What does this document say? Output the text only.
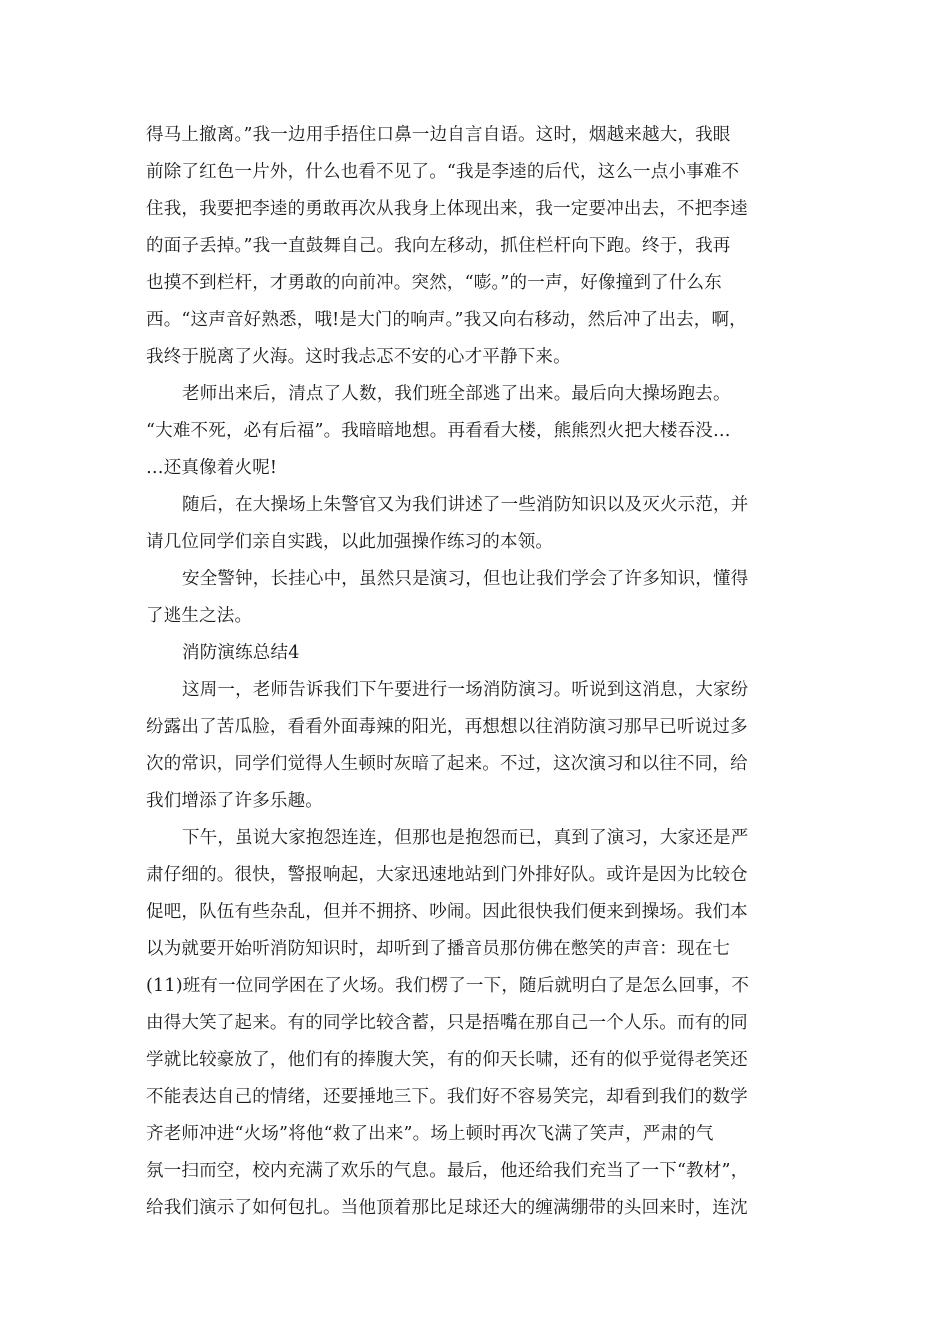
得马上撤离。”我一边用手捂住口鼻一边自言自语。这时，烟越来越大，我眼
前除了红色一片外，什么也看不见了。“我是李逵的后代，这么一点小事难不
住我，我要把李逵的勇敢再次从我身上体现出来，我一定要冲出去，不把李逵
的面子丢掉。”我一直鼓舞自己。我向左移动，抓住栏杆向下跑。终于，我再
也摸不到栏杆，才勇敢的向前冲。突然，“嘭。”的一声，好像撞到了什么东
西。“这声音好熟悉，哦!是大门的响声。”我又向右移动，然后冲了出去，啊，
我终于脱离了火海。这时我忐忑不安的心才平静下来。
老师出来后，清点了人数，我们班全部逃了出来。最后向大操场跑去。
“大难不死，必有后福”。我暗暗地想。再看看大楼，熊熊烈火把大楼吞没…
…还真像着火呢!
随后，在大操场上朱警官又为我们讲述了一些消防知识以及灭火示范，并
请几位同学们亲自实践，以此加强操作练习的本领。
安全警钟，长挂心中，虽然只是演习，但也让我们学会了许多知识，懂得
了逃生之法。
消防演练总结4
这周一，老师告诉我们下午要进行一场消防演习。听说到这消息，大家纷
纷露出了苦瓜脸，看看外面毒辣的阳光，再想想以往消防演习那早已听说过多
次的常识，同学们觉得人生顿时灰暗了起来。不过，这次演习和以往不同，给
我们增添了许多乐趣。
下午，虽说大家抱怨连连，但那也是抱怨而已，真到了演习，大家还是严
肃仔细的。很快，警报响起，大家迅速地站到门外排好队。或许是因为比较仓
促吧，队伍有些杂乱，但并不拥挤、吵闹。因此很快我们便来到操场。我们本
以为就要开始听消防知识时，却听到了播音员那仿佛在憋笑的声音：现在七
(11)班有一位同学困在了火场。我们楞了一下，随后就明白了是怎么回事，不
由得大笑了起来。有的同学比较含蓄，只是捂嘴在那自己一个人乐。而有的同
学就比较豪放了，他们有的捧腹大笑，有的仰天长啸，还有的似乎觉得老笑还
不能表达自己的情绪，还要捶地三下。我们好不容易笑完，却看到我们的数学
齐老师冲进“火场”将他“救了出来”。场上顿时再次飞满了笑声，严肃的气
氛一扫而空，校内充满了欢乐的气息。最后，他还给我们充当了一下“教材”，
给我们演示了如何包扎。当他顶着那比足球还大的缠满绷带的头回来时，连沈
